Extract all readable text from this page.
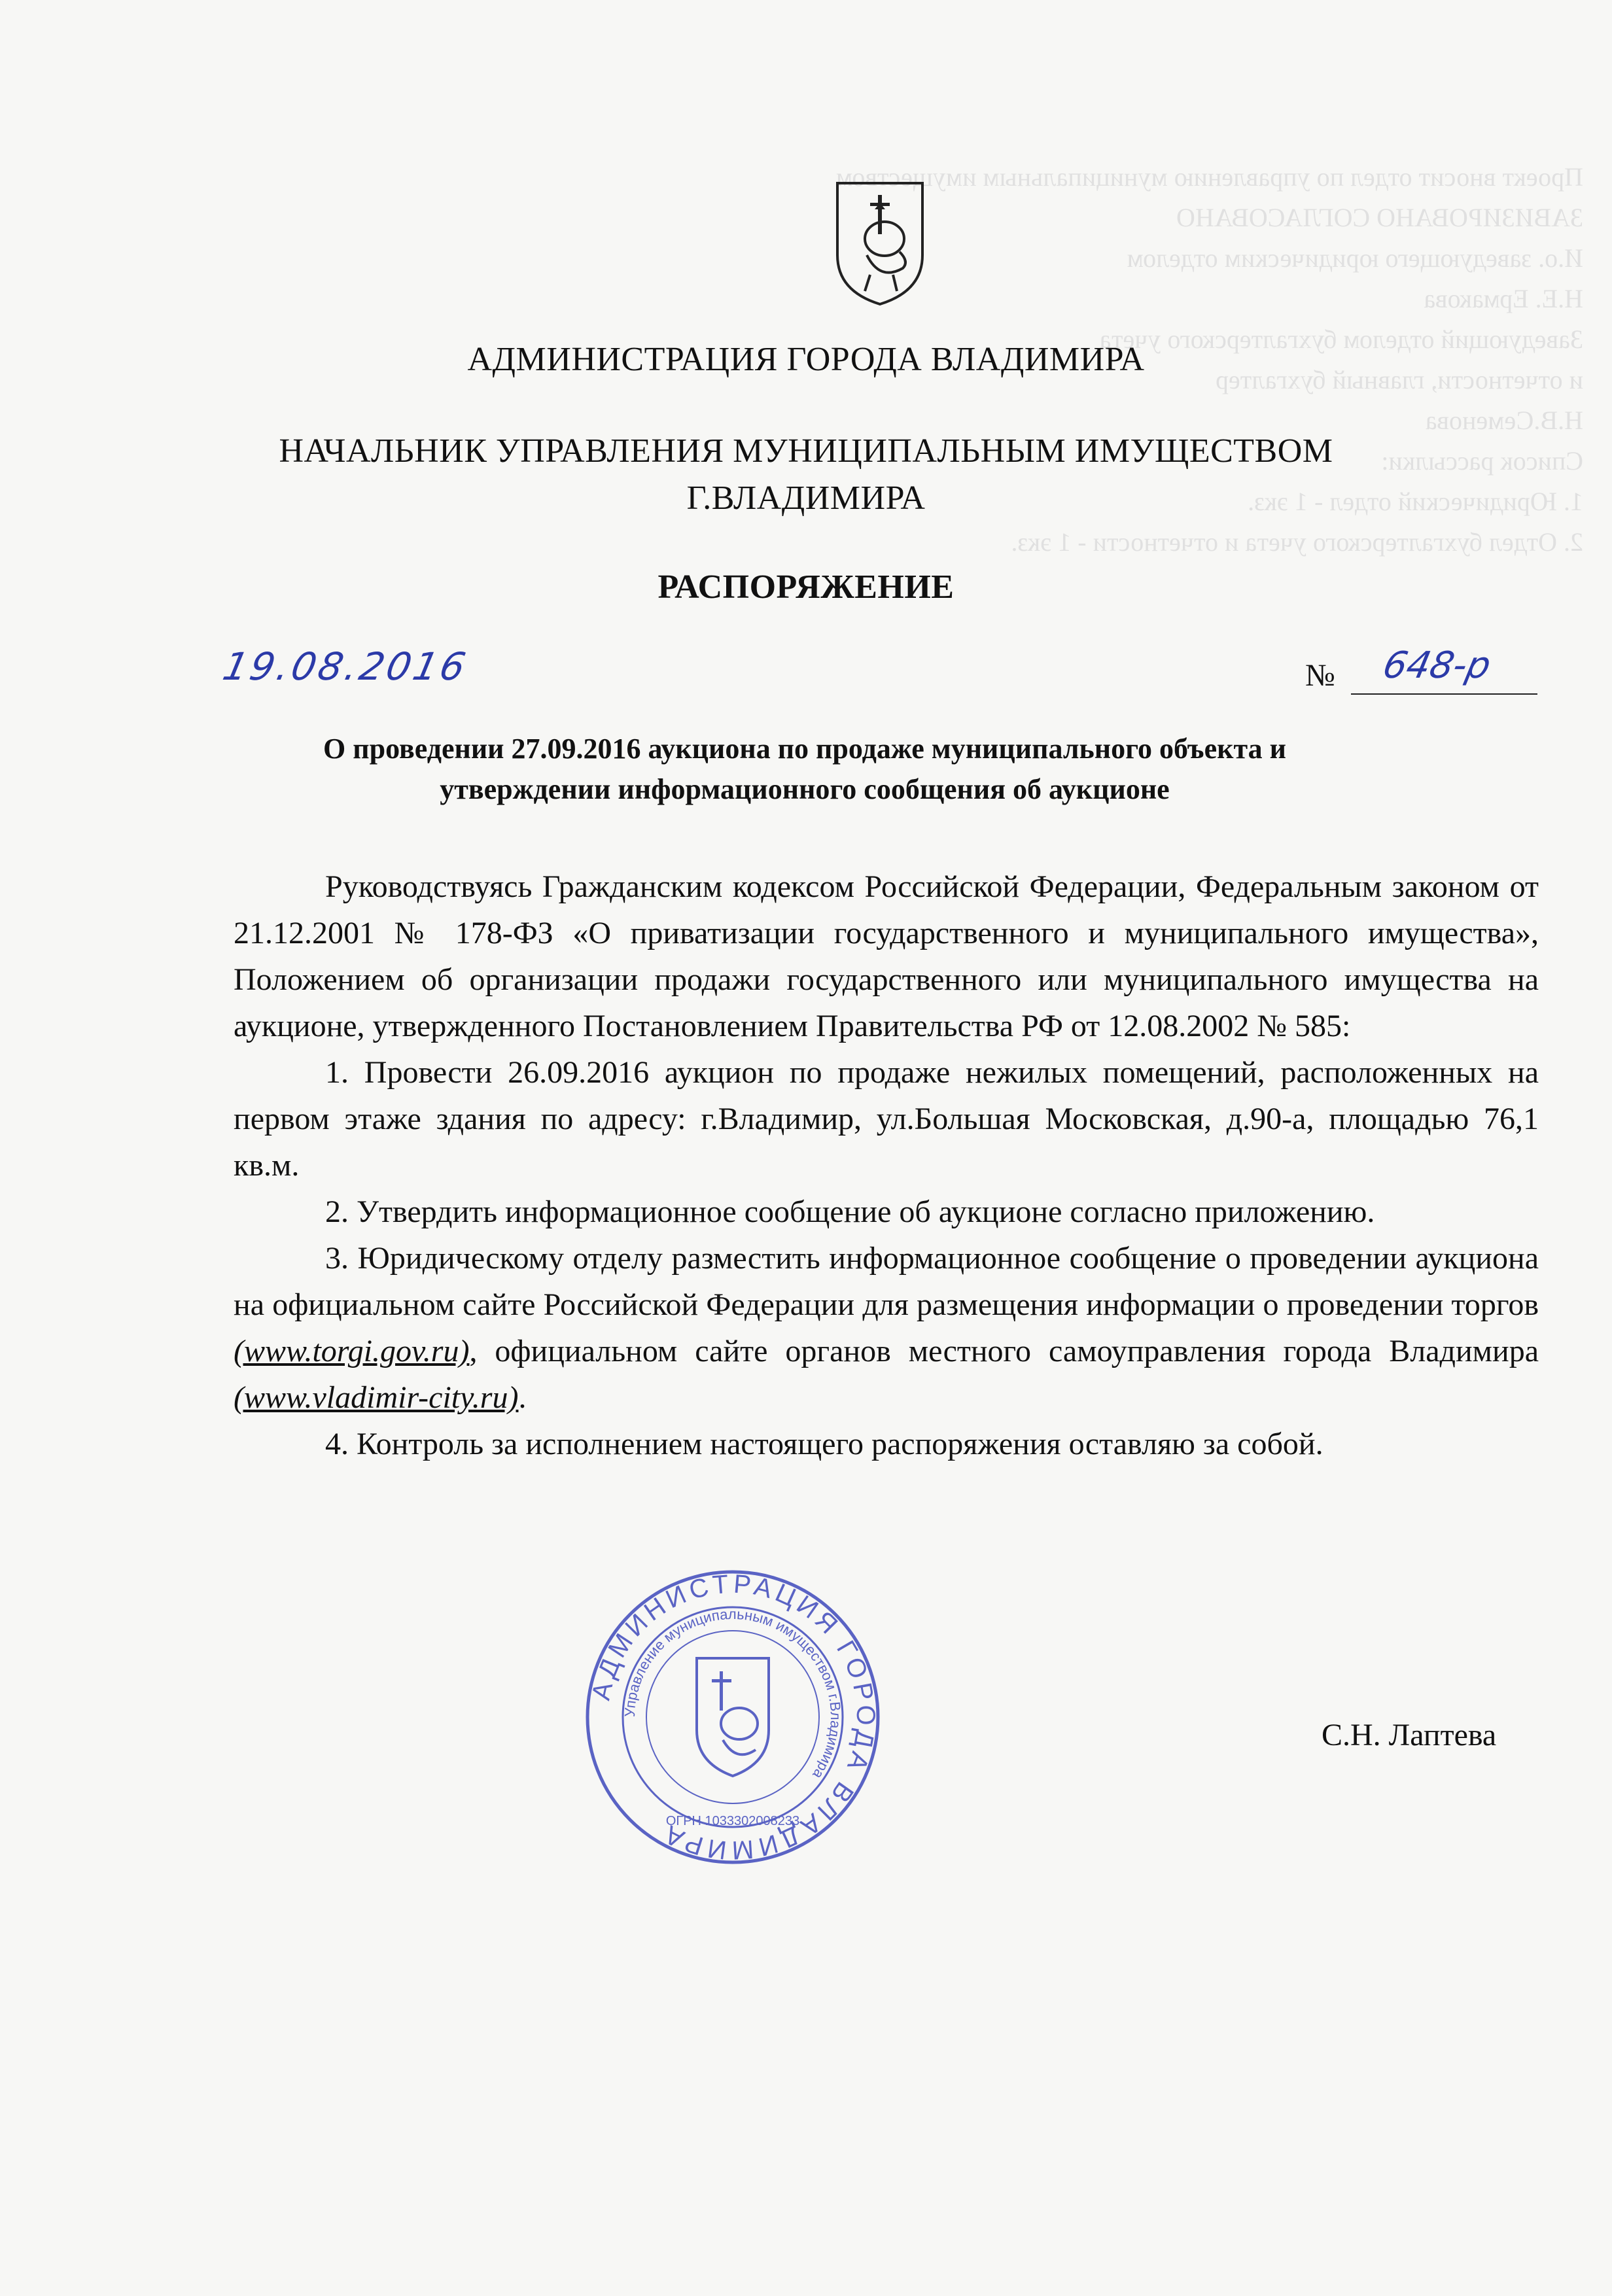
Проект вносит отдел по управлению муниципальным имуществом
ЗАВИЗИРОВАНО СОГЛАСОВАНО
И.о. заведующего юридическим отделом
Н.Е. Ермакова
Заведующий отделом бухгалтерского учета
и отчетности, главный бухгалтер
Н.В.Семенова
Список рассылки:
1. Юридический отдел - 1 экз.
2. Отдел бухгалтерского учета и отчетности - 1 экз.
АДМИНИСТРАЦИЯ ГОРОДА ВЛАДИМИРА
НАЧАЛЬНИК УПРАВЛЕНИЯ МУНИЦИПАЛЬНЫМ ИМУЩЕСТВОМ
Г.ВЛАДИМИРА
РАСПОРЯЖЕНИЕ
19.08.2016	№ 648-р
О проведении 27.09.2016 аукциона по продаже муниципального объекта и
утверждении информационного сообщения об аукционе

Руководствуясь Гражданским кодексом Российской Федерации, Федеральным законом от 21.12.2001 № 178-ФЗ «О приватизации государственного и муниципального имущества», Положением об организации продажи государственного или муниципального имущества на аукционе, утвержденного Постановлением Правительства РФ от 12.08.2002 № 585:

1. Провести 26.09.2016 аукцион по продаже нежилых помещений, расположенных на первом этаже здания по адресу: г.Владимир, ул.Большая Московская, д.90-а, площадью 76,1 кв.м.

2. Утвердить информационное сообщение об аукционе согласно приложению.

3. Юридическому отделу разместить информационное сообщение о проведении аукциона на официальном сайте Российской Федерации для размещения информации о проведении торгов (www.torgi.gov.ru), официальном сайте органов местного самоуправления города Владимира (www.vladimir-city.ru).

4. Контроль за исполнением настоящего распоряжения оставляю за собой.

АДМИНИСТРАЦИЯ ГОРОДА ВЛАДИМИРА
Управление муниципальным имуществом г.Владимира
ОГРН 1033302008233
С.Н. Лаптева
